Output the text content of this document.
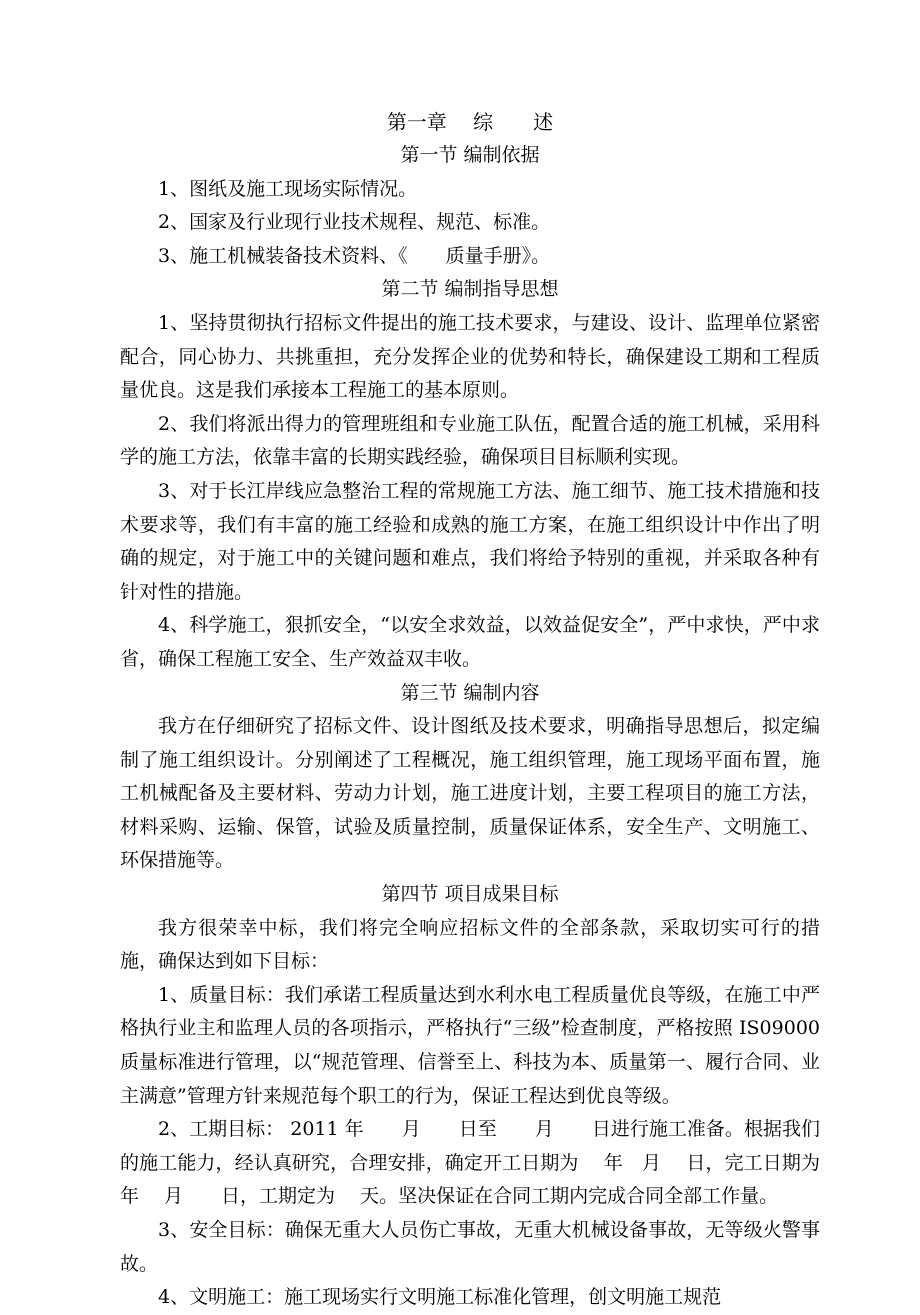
第一章　 综　　述
第一节 编制依据

1、图纸及施工现场实际情况。

2、国家及行业现行业技术规程、规范、标准。

3、施工机械装备技术资料、《　　质量手册》。

第二节 编制指导思想

1、坚持贯彻执行招标文件提出的施工技术要求，与建设、设计、监理单位紧密配合，同心协力、共挑重担，充分发挥企业的优势和特长，确保建设工期和工程质量优良。这是我们承接本工程施工的基本原则。

2、我们将派出得力的管理班组和专业施工队伍，配置合适的施工机械，采用科学的施工方法，依靠丰富的长期实践经验，确保项目目标顺利实现。

3、对于长江岸线应急整治工程的常规施工方法、施工细节、施工技术措施和技术要求等，我们有丰富的施工经验和成熟的施工方案，在施工组织设计中作出了明确的规定，对于施工中的关键问题和难点，我们将给予特别的重视，并采取各种有针对性的措施。

4、科学施工，狠抓安全，“以安全求效益，以效益促安全”，严中求快，严中求省，确保工程施工安全、生产效益双丰收。

第三节 编制内容

我方在仔细研究了招标文件、设计图纸及技术要求，明确指导思想后，拟定编制了施工组织设计。分别阐述了工程概况，施工组织管理，施工现场平面布置，施工机械配备及主要材料、劳动力计划，施工进度计划，主要工程项目的施工方法，材料采购、运输、保管，试验及质量控制，质量保证体系，安全生产、文明施工、环保措施等。

第四节 项目成果目标

我方很荣幸中标，我们将完全响应招标文件的全部条款，采取切实可行的措施，确保达到如下目标：

1、质量目标：我们承诺工程质量达到水利水电工程质量优良等级，在施工中严格执行业主和监理人员的各项指示，严格执行“三级”检查制度，严格按照 IS09000 质量标准进行管理，以“规范管理、信誉至上、科技为本、质量第一、履行合同、业主满意”管理方针来规范每个职工的行为，保证工程达到优良等级。

2、工期目标： 2011 年　　月　　日至　　月　　日进行施工准备。根据我们的施工能力，经认真研究，合理安排，确定开工日期为　 年　月　 日，完工日期为　　年　 月　　日，工期定为　 天。坚决保证在合同工期内完成合同全部工作量。

3、安全目标：确保无重大人员伤亡事故，无重大机械设备事故，无等级火警事故。

4、文明施工：施工现场实行文明施工标准化管理，创文明施工规范
